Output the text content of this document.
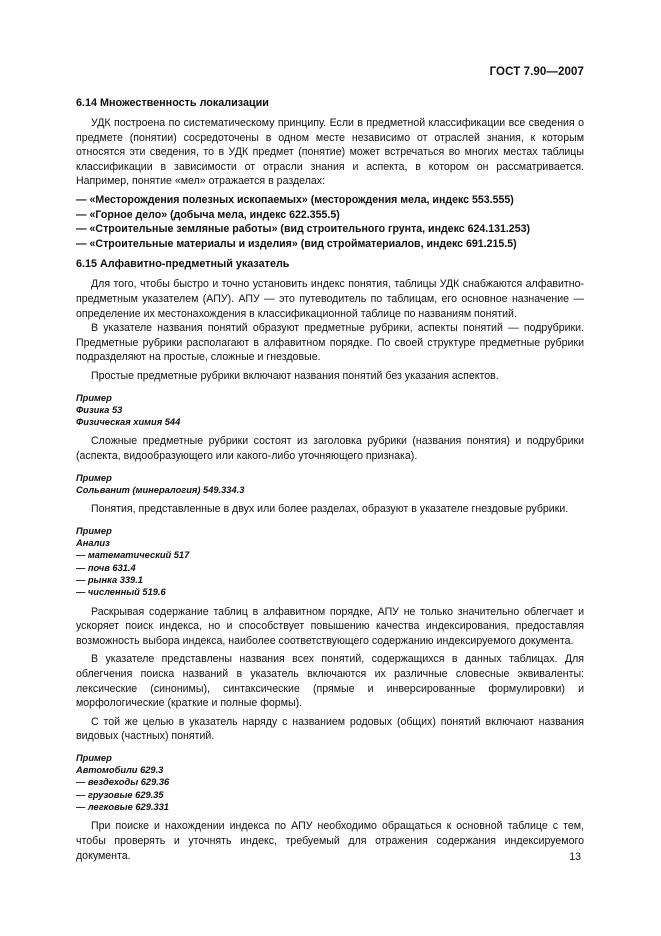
ГОСТ 7.90—2007
6.14 Множественность локализации

УДК построена по систематическому принципу. Если в предметной классификации все сведения о предмете (понятии) сосредоточены в одном месте независимо от отраслей знания, к которым относятся эти сведения, то в УДК предмет (понятие) может встречаться во многих местах таблицы классификации в зависимости от отрасли знания и аспекта, в котором он рассматривается. Например, понятие «мел» отражается в разделах:

— «Месторождения полезных ископаемых» (месторождения мела, индекс 553.555)
— «Горное дело» (добыча мела, индекс 622.355.5)
— «Строительные земляные работы» (вид строительного грунта, индекс 624.131.253)
— «Строительные материалы и изделия» (вид стройматериалов, индекс 691.215.5)
6.15 Алфавитно-предметный указатель

Для того, чтобы быстро и точно установить индекс понятия, таблицы УДК снабжаются алфавитно-предметным указателем (АПУ). АПУ — это путеводитель по таблицам, его основное назначение — определение их местонахождения в классификационной таблице по названиям понятий.

В указателе названия понятий образуют предметные рубрики, аспекты понятий — подрубрики. Предметные рубрики располагают в алфавитном порядке. По своей структуре предметные рубрики подразделяют на простые, сложные и гнездовые.

Простые предметные рубрики включают названия понятий без указания аспектов.

Пример
Физика 53
Физическая химия 544

Сложные предметные рубрики состоят из заголовка рубрики (названия понятия) и подрубрики (аспекта, видообразующего или какого-либо уточняющего признака).

Пример
Сольванит (минералогия) 549.334.3

Понятия, представленные в двух или более разделах, образуют в указателе гнездовые рубрики.

Пример
Анализ
— математический 517
— почв 631.4
— рынка 339.1
— численный 519.6

Раскрывая содержание таблиц в алфавитном порядке, АПУ не только значительно облегчает и ускоряет поиск индекса, но и способствует повышению качества индексирования, предоставляя возможность выбора индекса, наиболее соответствующего содержанию индексируемого документа.

В указателе представлены названия всех понятий, содержащихся в данных таблицах. Для облегчения поиска названий в указатель включаются их различные словесные эквиваленты: лексические (синонимы), синтаксические (прямые и инверсированные формулировки) и морфологические (краткие и полные формы).

С той же целью в указатель наряду с названием родовых (общих) понятий включают названия видовых (частных) понятий.

Пример
Автомобили 629.3
— вездеходы 629.36
— грузовые 629.35
— легковые 629.331

При поиске и нахождении индекса по АПУ необходимо обращаться к основной таблице с тем, чтобы проверять и уточнять индекс, требуемый для отражения содержания индексируемого документа.	13
